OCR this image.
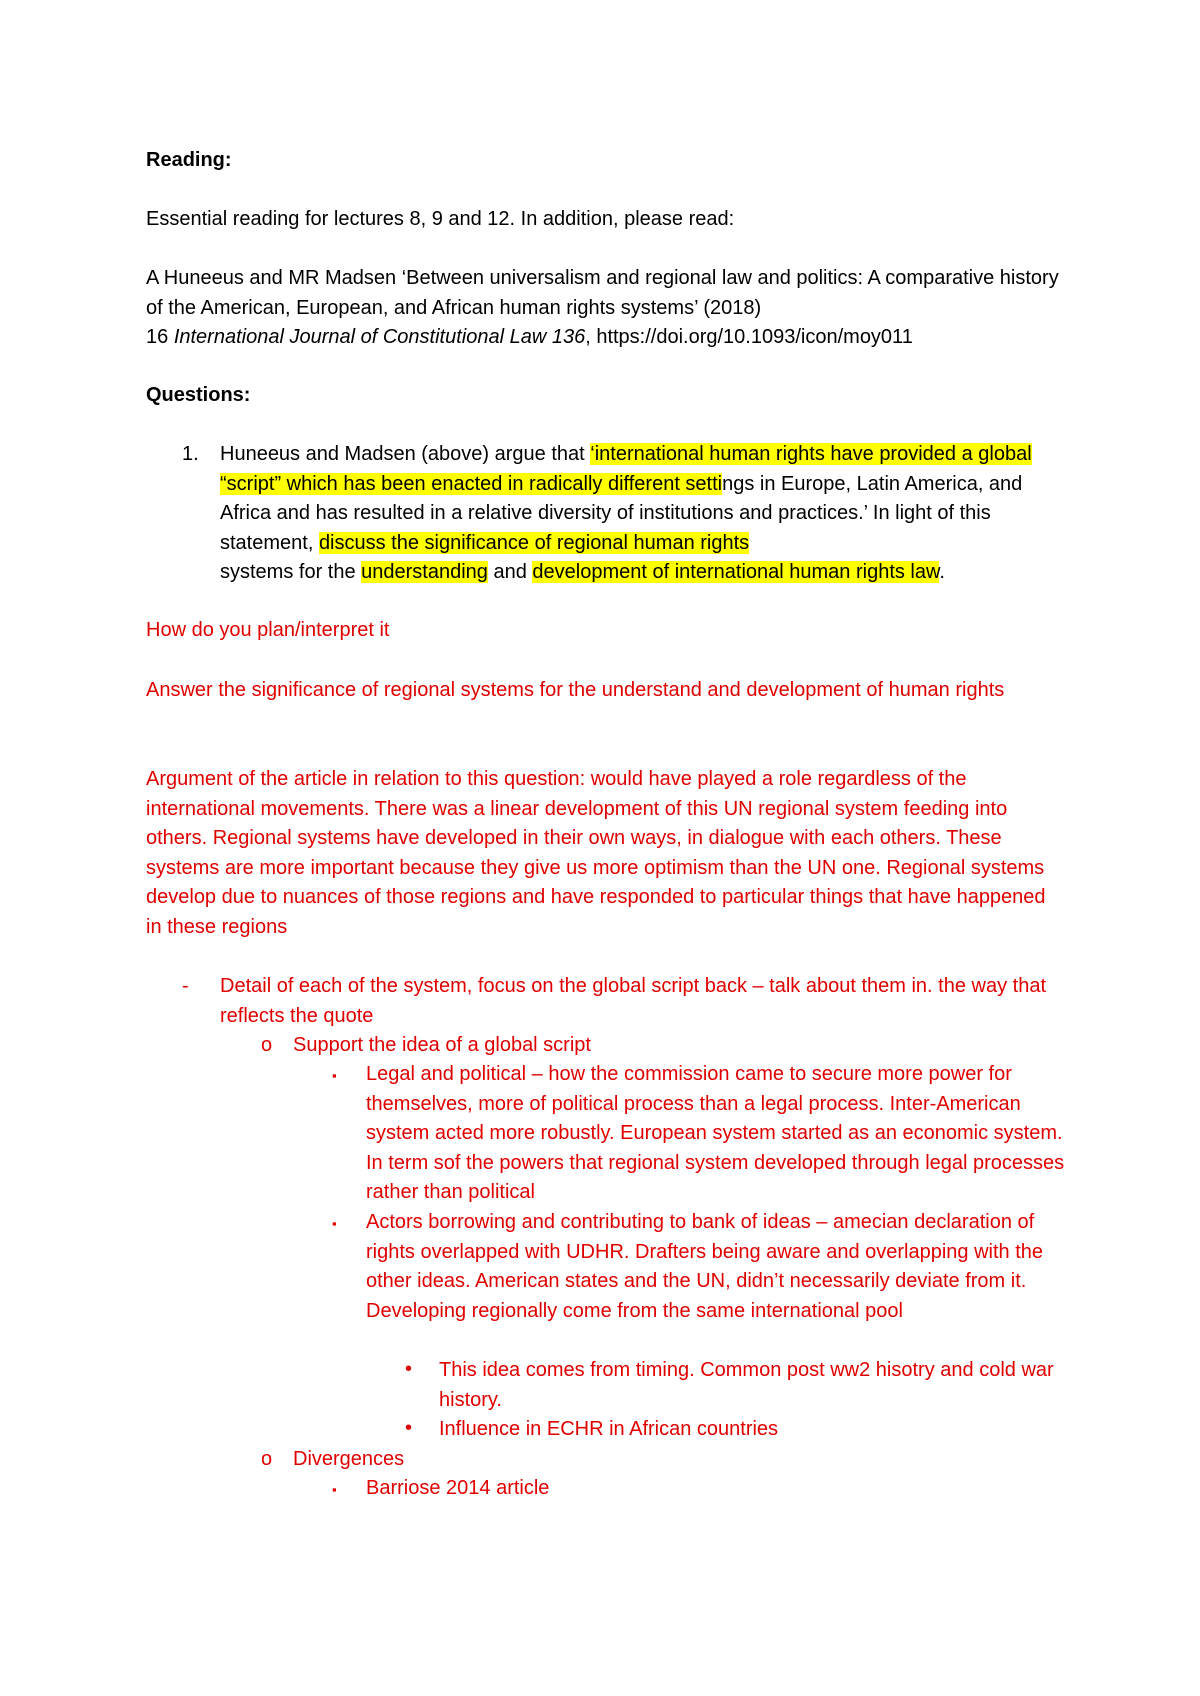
Reading:

Essential reading for lectures 8, 9 and 12. In addition, please read:

A Huneeus and MR Madsen ‘Between universalism and regional law and politics: A comparative history of the American, European, and African human rights systems’ (2018)
16 International Journal of Constitutional Law 136, https://doi.org/10.1093/icon/moy011

Questions:

1. Huneeus and Madsen (above) argue that ‘international human rights have provided a global “script” which has been enacted in radically different settings in Europe, Latin America, and Africa and has resulted in a relative diversity of institutions and practices.’ In light of this statement, discuss the significance of regional human rights
systems for the understanding and development of international human rights law.

How do you plan/interpret it

Answer the significance of regional systems for the understand and development of human rights

Argument of the article in relation to this question: would have played a role regardless of the international movements. There was a linear development of this UN regional system feeding into others. Regional systems have developed in their own ways, in dialogue with each others. These systems are more important because they give us more optimism than the UN one. Regional systems develop due to nuances of those regions and have responded to particular things that have happened in these regions

- Detail of each of the system, focus on the global script back – talk about them in. the way that reflects the quote
o Support the idea of a global script
▪ Legal and political – how the commission came to secure more power for themselves, more of political process than a legal process. Inter-American system acted more robustly. European system started as an economic system. In term sof the powers that regional system developed through legal processes rather than political
▪ Actors borrowing and contributing to bank of ideas – amecian declaration of rights overlapped with UDHR. Drafters being aware and overlapping with the other ideas. American states and the UN, didn’t necessarily deviate from it. Developing regionally come from the same international pool
• This idea comes from timing. Common post ww2 hisotry and cold war history.
• Influence in ECHR in African countries
o Divergences
▪ Barriose 2014 article
